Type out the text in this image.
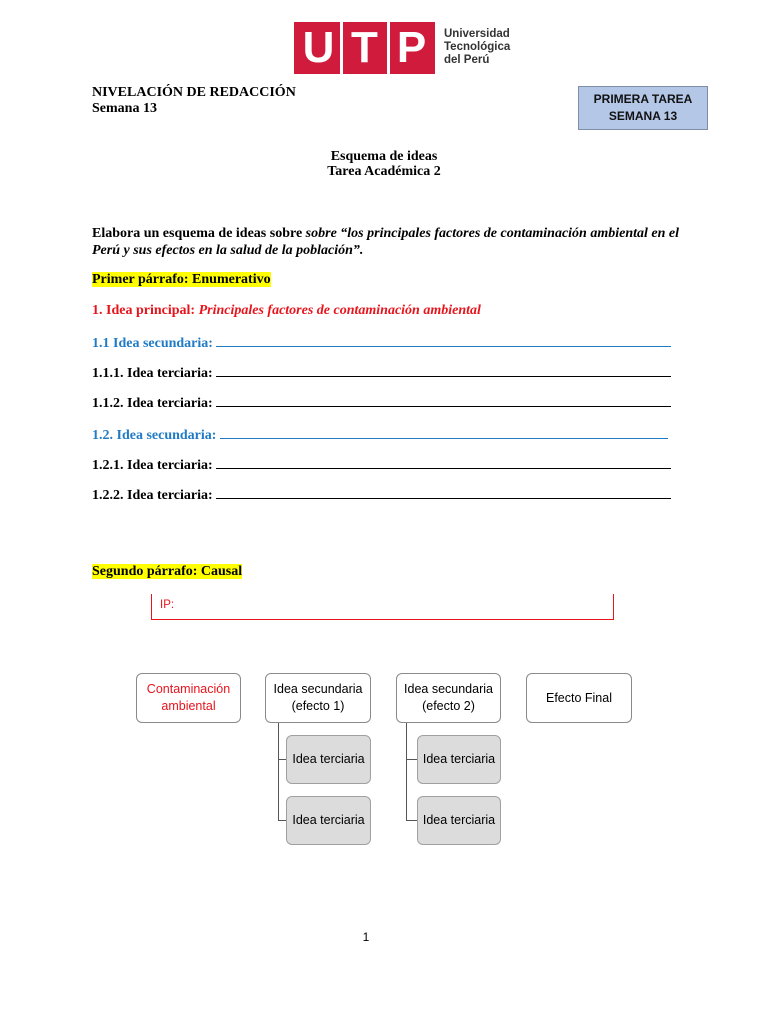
U T P	Universidad
Tecnológica
del Perú
NIVELACIÓN DE REDACCIÓN
Semana 13
PRIMERA TAREA
SEMANA 13
Esquema de ideas
Tarea Académica 2
Elabora un esquema de ideas sobre sobre “los principales factores de contaminación ambiental en el Perú y sus efectos en la salud de la población”.
Primer párrafo: Enumerativo
1. Idea principal: Principales factores de contaminación ambiental
1.1 Idea secundaria:
1.1.1. Idea terciaria:
1.1.2. Idea terciaria:
1.2. Idea secundaria:
1.2.1. Idea terciaria:
1.2.2. Idea terciaria:
Segundo párrafo: Causal
IP:
Contaminación ambiental
Idea secundaria (efecto 1)
Idea secundaria (efecto 2)
Efecto Final
Idea terciaria
Idea terciaria
Idea terciaria
Idea terciaria
1
